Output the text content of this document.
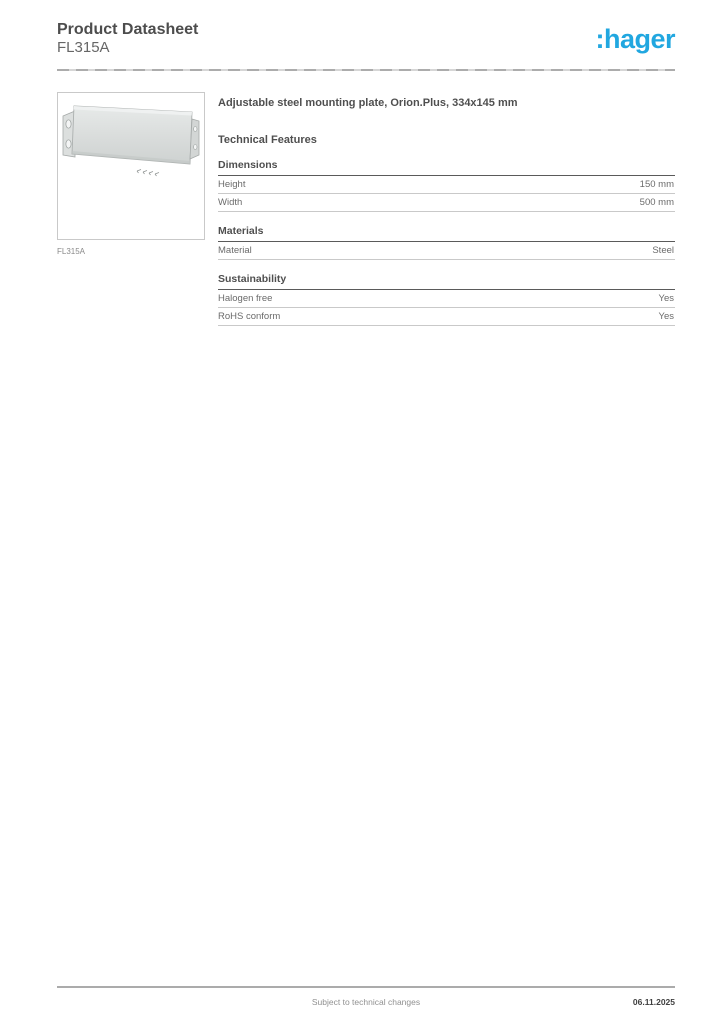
Product Datasheet
FL315A	:hager
FL315A
Adjustable steel mounting plate, Orion.Plus, 334x145 mm
Technical Features
Dimensions
Height	150 mm
Width	500 mm
Materials
Material	Steel
Sustainability
Halogen free	Yes
RoHS conform	Yes
Subject to technical changes	06.11.2025
